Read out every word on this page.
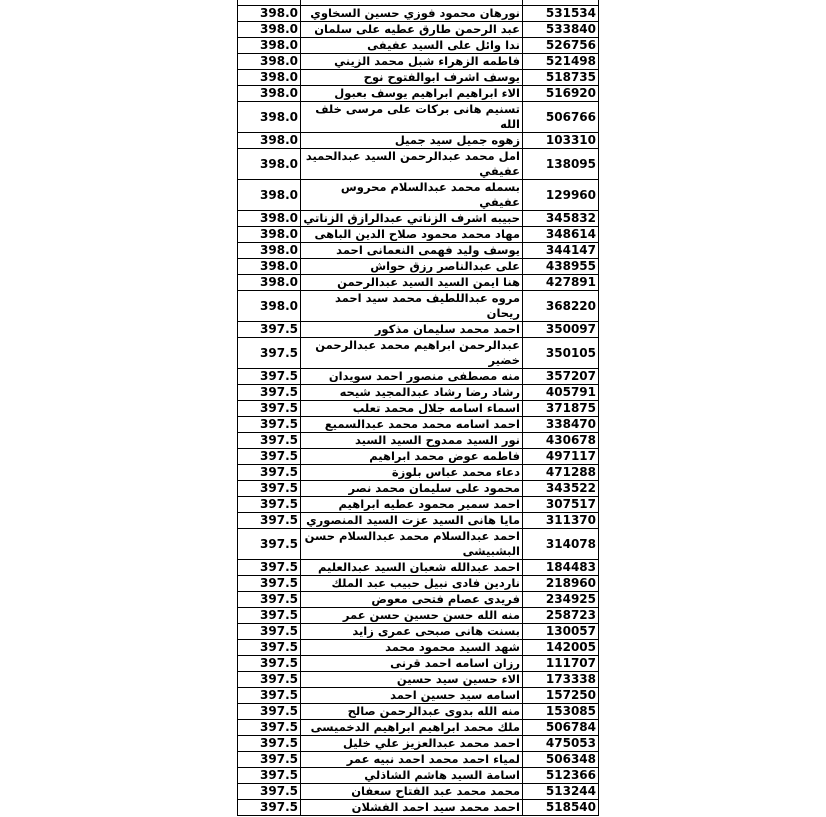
398.0	نورهان محمود فوزي حسين السخاوي	531534
398.0	عبد الرحمن طارق عطيه على سلمان	533840
398.0	ندا وائل على السيد عفيفى	526756
398.0	فاطمه الزهراء شبل محمد الزيني	521498
398.0	يوسف اشرف ابوالفتوح نوح	518735
398.0	الاء ابراهيم ابراهيم يوسف بعبول	516920
398.0	تسنيم هانى بركات على مرسى خلف الله	506766
398.0	زهوه جميل سيد جميل	103310
398.0	امل محمد عبدالرحمن السيد عبدالحميد عفيفي	138095
398.0	بسمله محمد عبدالسلام محروس عفيفي	129960
398.0	حبيبه اشرف الزناتي عبدالرازق الزناتي	345832
398.0	مهاد محمد محمود صلاح الدين الباهى	348614
398.0	يوسف وليد فهمى النعمانى احمد	344147
398.0	على عبدالناصر رزق حواش	438955
398.0	هنا ايمن السيد السيد عبدالرحمن	427891
398.0	مروه عبداللطيف محمد سيد احمد ريحان	368220
397.5	احمد محمد سليمان مذكور	350097
397.5	عبدالرحمن ابراهيم محمد عبدالرحمن خضير	350105
397.5	منه مصطفى منصور احمد سويدان	357207
397.5	رشاد رضا رشاد عبدالمجيد شيحه	405791
397.5	اسماء اسامه جلال محمد تعلب	371875
397.5	احمد اسامه محمد محمد عبدالسميع	338470
397.5	نور السيد ممدوح السيد السيد	430678
397.5	فاطمه عوض محمد ابراهيم	497117
397.5	دعاء محمد عباس بلوزة	471288
397.5	محمود على سليمان محمد نصر	343522
397.5	احمد سمير محمود عطيه ابراهيم	307517
397.5	مايا هانى السيد عزت السيد المنصوري	311370
397.5	احمد عبدالسلام محمد عبدالسلام حسن البشبيشى	314078
397.5	احمد عبدالله شعبان السيد عبدالعليم	184483
397.5	ناردين فادى نبيل حبيب عبد الملك	218960
397.5	فريدى عصام فتحى معوض	234925
397.5	منه الله حسن حسين حسن عمر	258723
397.5	بسنت هانى صبحى عمرى زايد	130057
397.5	شهد السيد محمود محمد	142005
397.5	رزان اسامه احمد قرنى	111707
397.5	الاء حسين سيد حسين	173338
397.5	اسامه سيد حسين احمد	157250
397.5	منه الله بدوى عبدالرحمن صالح	153085
397.5	ملك محمد ابراهيم ابراهيم الدخميسى	506784
397.5	احمد محمد عبدالعزيز علي خليل	475053
397.5	لمياء احمد محمد احمد نبيه عمر	506348
397.5	اسامة السيد هاشم الشاذلي	512366
397.5	محمد محمد عبد الفتاح سعفان	513244
397.5	احمد محمد سيد احمد الفشلان	518540
